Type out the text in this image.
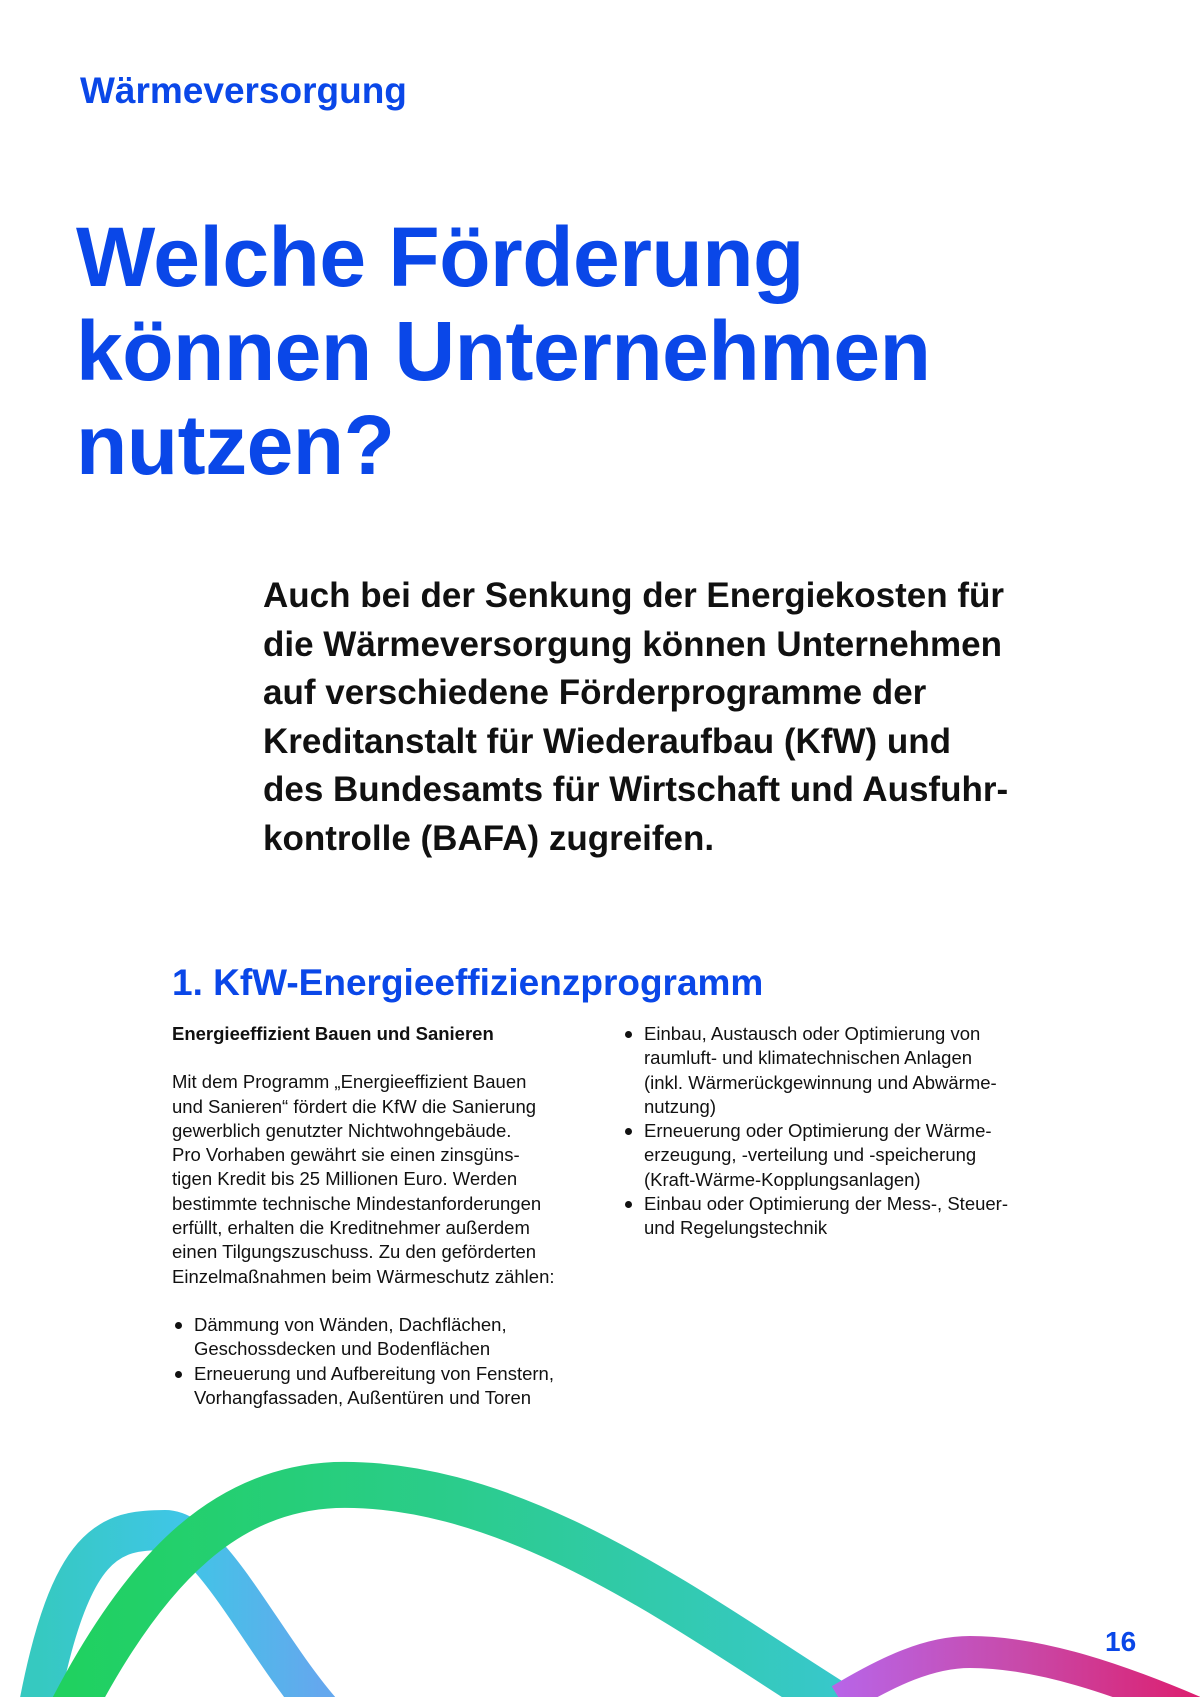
Wärmeversorgung
Welche Förderung
können Unternehmen
nutzen?
Auch bei der Senkung der Energiekosten für
die Wärmeversorgung können Unternehmen
auf verschiedene Förderprogramme der
Kreditanstalt für Wiederaufbau (KfW) und
des Bundesamts für Wirtschaft und Ausfuhr-
kontrolle (BAFA) zugreifen.
1. KfW-Energieeffizienzprogramm
Energieeffizient Bauen und Sanieren
Mit dem Programm „Energieeffizient Bauen
und Sanieren“ fördert die KfW die Sanierung
gewerblich genutzter Nichtwohngebäude.
Pro Vorhaben gewährt sie einen zinsgüns-
tigen Kredit bis 25 Millionen Euro. Werden
bestimmte technische Mindestanforderungen
erfüllt, erhalten die Kreditnehmer außerdem
einen Tilgungszuschuss. Zu den geförderten
Einzelmaßnahmen beim Wärmeschutz zählen:
Dämmung von Wänden, Dachflächen,
Geschossdecken und Bodenflächen
Erneuerung und Aufbereitung von Fenstern,
Vorhangfassaden, Außentüren und Toren
Einbau, Austausch oder Optimierung von
raumluft- und klimatechnischen Anlagen
(inkl. Wärmerückgewinnung und Abwärme-
nutzung)
Erneuerung oder Optimierung der Wärme-
erzeugung, -verteilung und -speicherung
(Kraft-Wärme-Kopplungsanlagen)
Einbau oder Optimierung der Mess-, Steuer-
und Regelungstechnik
16
